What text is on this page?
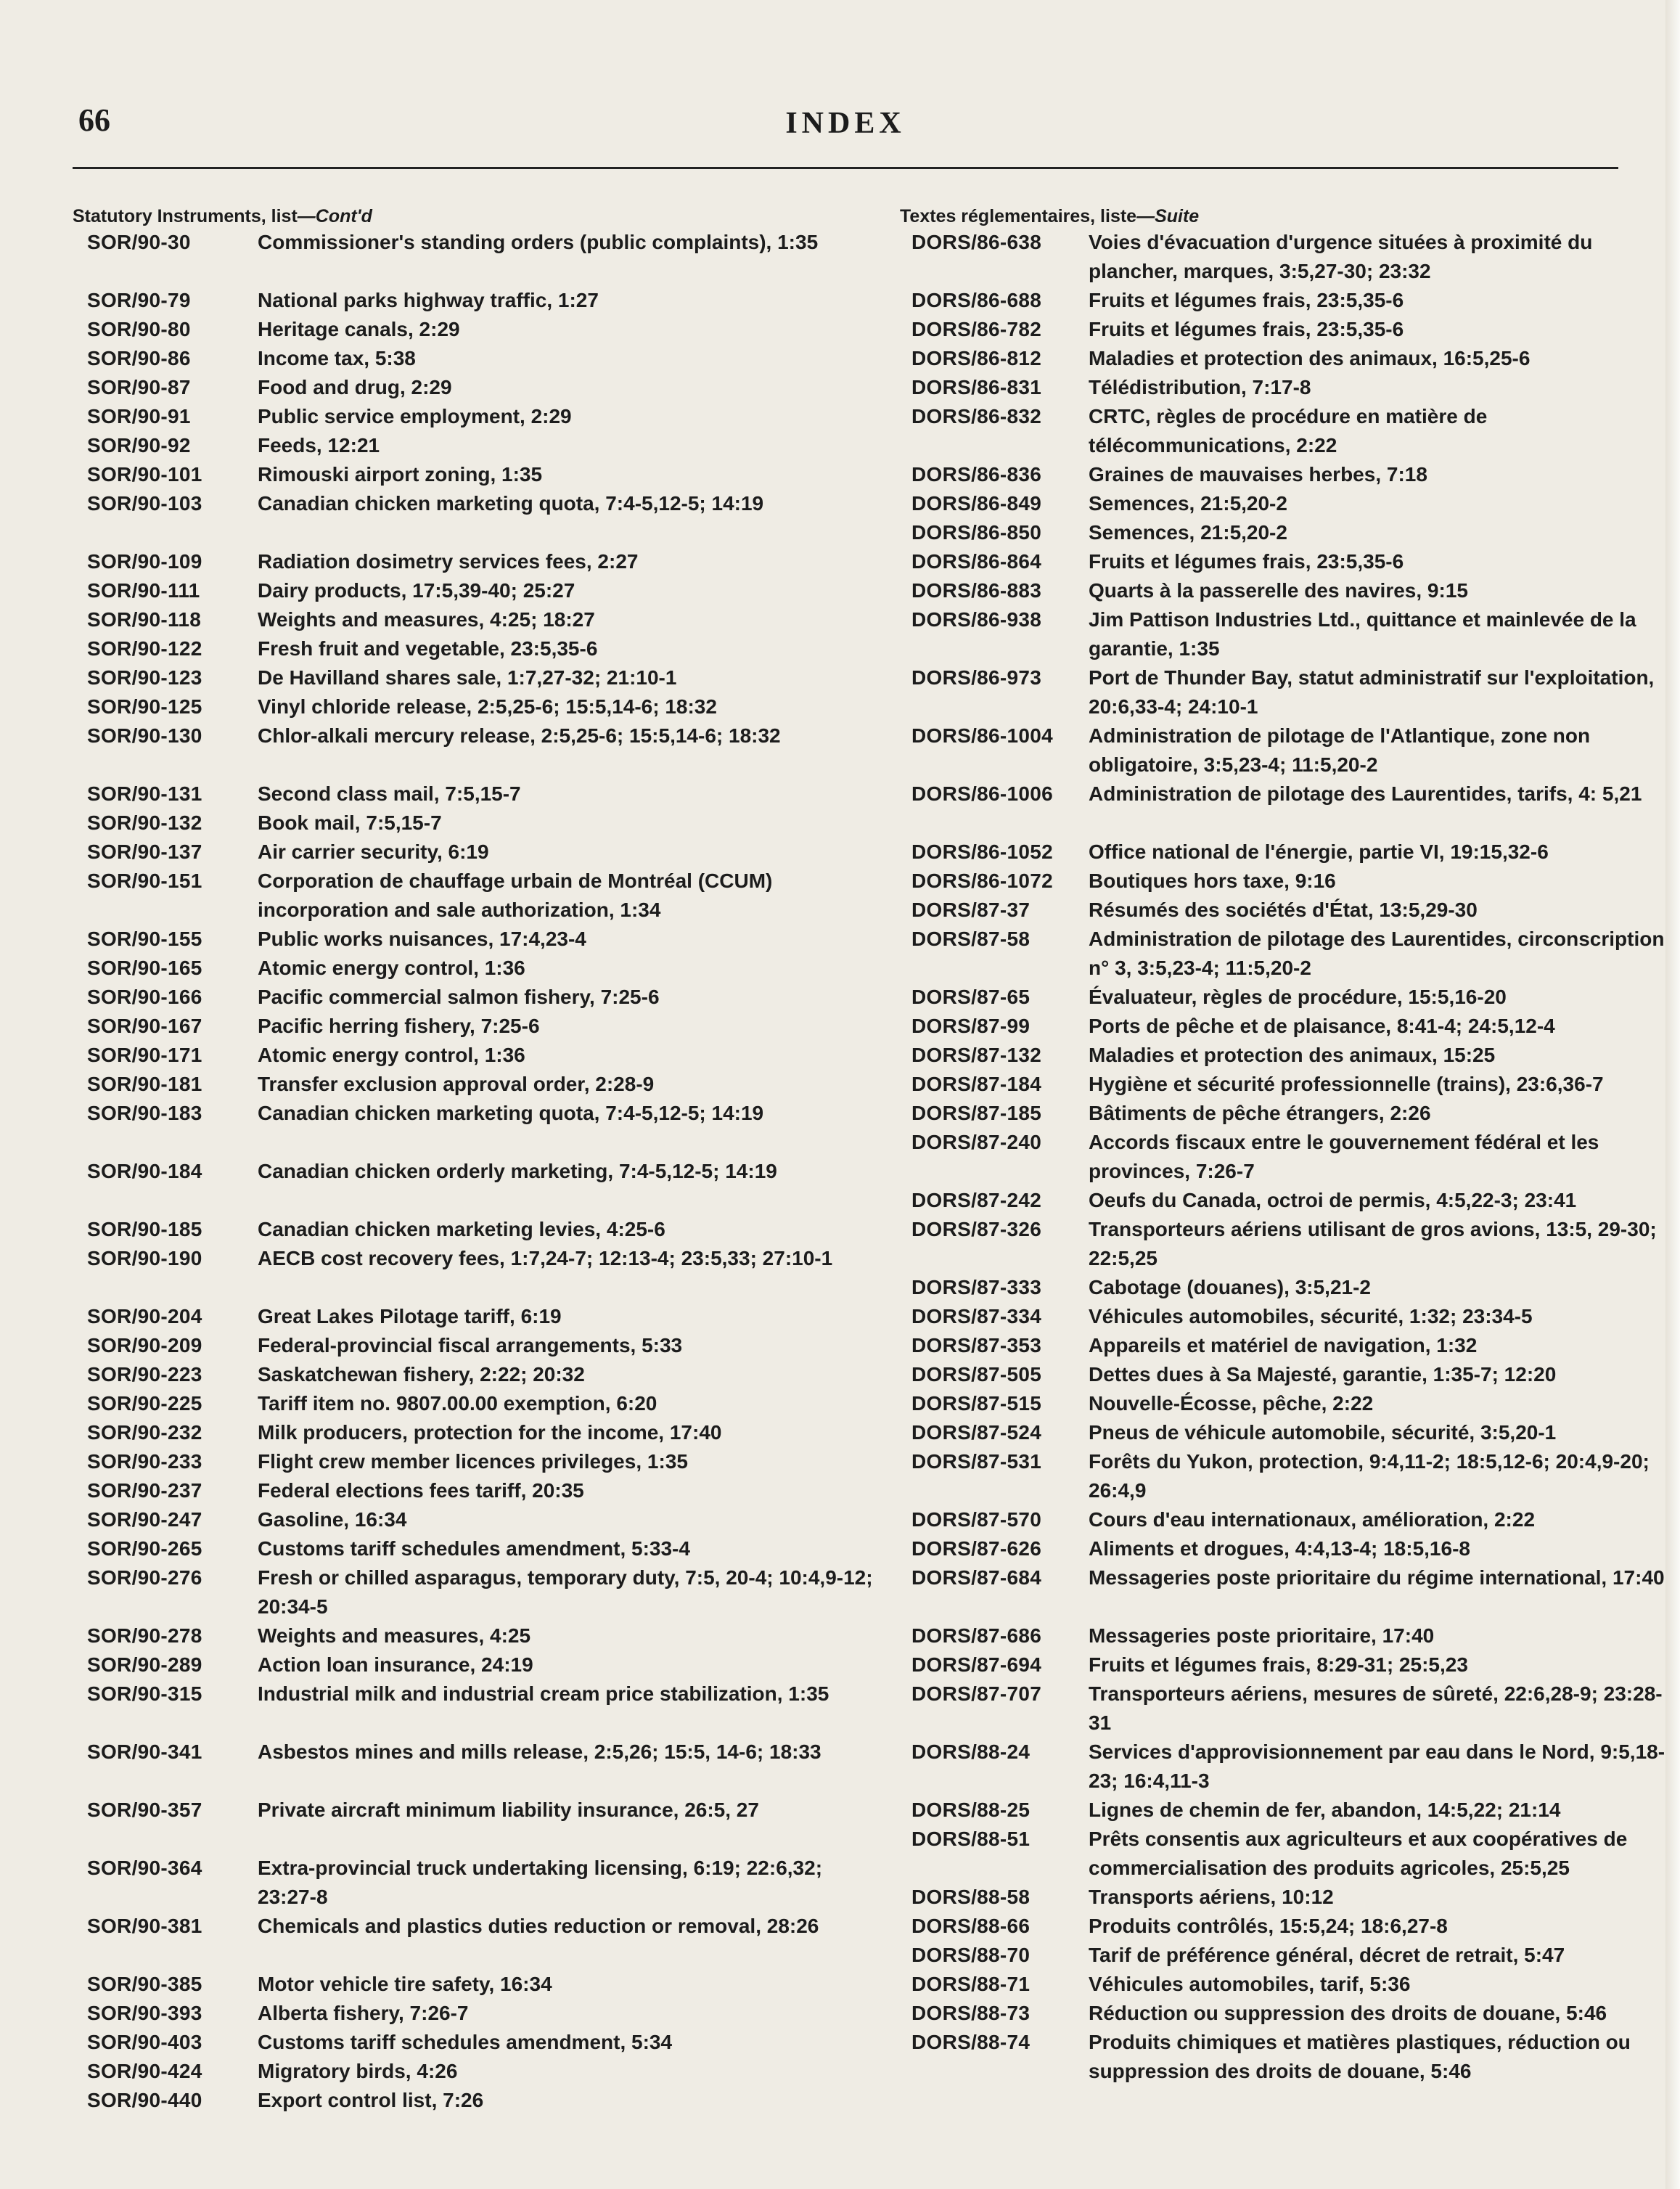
66	INDEX
Statutory Instruments, list—Cont'd
SOR/90-30	Commissioner's standing orders (public complaints), 1:35
SOR/90-79	National parks highway traffic, 1:27
SOR/90-80	Heritage canals, 2:29
SOR/90-86	Income tax, 5:38
SOR/90-87	Food and drug, 2:29
SOR/90-91	Public service employment, 2:29
SOR/90-92	Feeds, 12:21
SOR/90-101	Rimouski airport zoning, 1:35
SOR/90-103	Canadian chicken marketing quota, 7:4-5,12-5; 14:19
SOR/90-109	Radiation dosimetry services fees, 2:27
SOR/90-111	Dairy products, 17:5,39-40; 25:27
SOR/90-118	Weights and measures, 4:25; 18:27
SOR/90-122	Fresh fruit and vegetable, 23:5,35-6
SOR/90-123	De Havilland shares sale, 1:7,27-32; 21:10-1
SOR/90-125	Vinyl chloride release, 2:5,25-6; 15:5,14-6; 18:32
SOR/90-130	Chlor-alkali mercury release, 2:5,25-6; 15:5,14-6; 18:32
SOR/90-131	Second class mail, 7:5,15-7
SOR/90-132	Book mail, 7:5,15-7
SOR/90-137	Air carrier security, 6:19
SOR/90-151	Corporation de chauffage urbain de Montréal (CCUM) incorporation and sale authorization, 1:34
SOR/90-155	Public works nuisances, 17:4,23-4
SOR/90-165	Atomic energy control, 1:36
SOR/90-166	Pacific commercial salmon fishery, 7:25-6
SOR/90-167	Pacific herring fishery, 7:25-6
SOR/90-171	Atomic energy control, 1:36
SOR/90-181	Transfer exclusion approval order, 2:28-9
SOR/90-183	Canadian chicken marketing quota, 7:4-5,12-5; 14:19
SOR/90-184	Canadian chicken orderly marketing, 7:4-5,12-5; 14:19
SOR/90-185	Canadian chicken marketing levies, 4:25-6
SOR/90-190	AECB cost recovery fees, 1:7,24-7; 12:13-4; 23:5,33; 27:10-1
SOR/90-204	Great Lakes Pilotage tariff, 6:19
SOR/90-209	Federal-provincial fiscal arrangements, 5:33
SOR/90-223	Saskatchewan fishery, 2:22; 20:32
SOR/90-225	Tariff item no. 9807.00.00 exemption, 6:20
SOR/90-232	Milk producers, protection for the income, 17:40
SOR/90-233	Flight crew member licences privileges, 1:35
SOR/90-237	Federal elections fees tariff, 20:35
SOR/90-247	Gasoline, 16:34
SOR/90-265	Customs tariff schedules amendment, 5:33-4
SOR/90-276	Fresh or chilled asparagus, temporary duty, 7:5, 20-4; 10:4,9-12; 20:34-5
SOR/90-278	Weights and measures, 4:25
SOR/90-289	Action loan insurance, 24:19
SOR/90-315	Industrial milk and industrial cream price stabilization, 1:35
SOR/90-341	Asbestos mines and mills release, 2:5,26; 15:5, 14-6; 18:33
SOR/90-357	Private aircraft minimum liability insurance, 26:5, 27
SOR/90-364	Extra-provincial truck undertaking licensing, 6:19; 22:6,32; 23:27-8
SOR/90-381	Chemicals and plastics duties reduction or removal, 28:26
SOR/90-385	Motor vehicle tire safety, 16:34
SOR/90-393	Alberta fishery, 7:26-7
SOR/90-403	Customs tariff schedules amendment, 5:34
SOR/90-424	Migratory birds, 4:26
SOR/90-440	Export control list, 7:26
Textes réglementaires, liste—Suite
DORS/86-638	Voies d'évacuation d'urgence situées à proximité du plancher, marques, 3:5,27-30; 23:32
DORS/86-688	Fruits et légumes frais, 23:5,35-6
DORS/86-782	Fruits et légumes frais, 23:5,35-6
DORS/86-812	Maladies et protection des animaux, 16:5,25-6
DORS/86-831	Télédistribution, 7:17-8
DORS/86-832	CRTC, règles de procédure en matière de télécommunications, 2:22
DORS/86-836	Graines de mauvaises herbes, 7:18
DORS/86-849	Semences, 21:5,20-2
DORS/86-850	Semences, 21:5,20-2
DORS/86-864	Fruits et légumes frais, 23:5,35-6
DORS/86-883	Quarts à la passerelle des navires, 9:15
DORS/86-938	Jim Pattison Industries Ltd., quittance et mainlevée de la garantie, 1:35
DORS/86-973	Port de Thunder Bay, statut administratif sur l'exploitation, 20:6,33-4; 24:10-1
DORS/86-1004	Administration de pilotage de l'Atlantique, zone non obligatoire, 3:5,23-4; 11:5,20-2
DORS/86-1006	Administration de pilotage des Laurentides, tarifs, 4: 5,21
DORS/86-1052	Office national de l'énergie, partie VI, 19:15,32-6
DORS/86-1072	Boutiques hors taxe, 9:16
DORS/87-37	Résumés des sociétés d'État, 13:5,29-30
DORS/87-58	Administration de pilotage des Laurentides, circonscription n° 3, 3:5,23-4; 11:5,20-2
DORS/87-65	Évaluateur, règles de procédure, 15:5,16-20
DORS/87-99	Ports de pêche et de plaisance, 8:41-4; 24:5,12-4
DORS/87-132	Maladies et protection des animaux, 15:25
DORS/87-184	Hygiène et sécurité professionnelle (trains), 23:6,36-7
DORS/87-185	Bâtiments de pêche étrangers, 2:26
DORS/87-240	Accords fiscaux entre le gouvernement fédéral et les provinces, 7:26-7
DORS/87-242	Oeufs du Canada, octroi de permis, 4:5,22-3; 23:41
DORS/87-326	Transporteurs aériens utilisant de gros avions, 13:5, 29-30; 22:5,25
DORS/87-333	Cabotage (douanes), 3:5,21-2
DORS/87-334	Véhicules automobiles, sécurité, 1:32; 23:34-5
DORS/87-353	Appareils et matériel de navigation, 1:32
DORS/87-505	Dettes dues à Sa Majesté, garantie, 1:35-7; 12:20
DORS/87-515	Nouvelle-Écosse, pêche, 2:22
DORS/87-524	Pneus de véhicule automobile, sécurité, 3:5,20-1
DORS/87-531	Forêts du Yukon, protection, 9:4,11-2; 18:5,12-6; 20:4,9-20; 26:4,9
DORS/87-570	Cours d'eau internationaux, amélioration, 2:22
DORS/87-626	Aliments et drogues, 4:4,13-4; 18:5,16-8
DORS/87-684	Messageries poste prioritaire du régime international, 17:40
DORS/87-686	Messageries poste prioritaire, 17:40
DORS/87-694	Fruits et légumes frais, 8:29-31; 25:5,23
DORS/87-707	Transporteurs aériens, mesures de sûreté, 22:6,28-9; 23:28-31
DORS/88-24	Services d'approvisionnement par eau dans le Nord, 9:5,18-23; 16:4,11-3
DORS/88-25	Lignes de chemin de fer, abandon, 14:5,22; 21:14
DORS/88-51	Prêts consentis aux agriculteurs et aux coopératives de commercialisation des produits agricoles, 25:5,25
DORS/88-58	Transports aériens, 10:12
DORS/88-66	Produits contrôlés, 15:5,24; 18:6,27-8
DORS/88-70	Tarif de préférence général, décret de retrait, 5:47
DORS/88-71	Véhicules automobiles, tarif, 5:36
DORS/88-73	Réduction ou suppression des droits de douane, 5:46
DORS/88-74	Produits chimiques et matières plastiques, réduction ou suppression des droits de douane, 5:46
